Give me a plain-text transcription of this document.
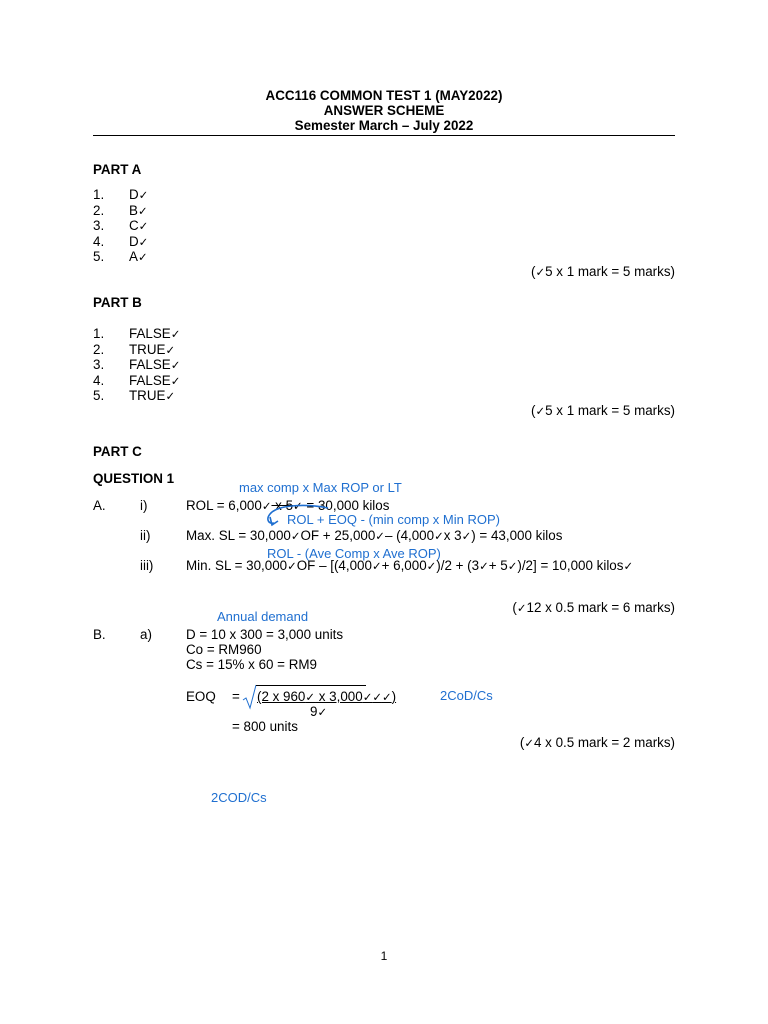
ACC116 COMMON TEST 1 (MAY2022)
ANSWER SCHEME
Semester March – July 2022
PART A
1. D✓
2. B✓
3. C✓
4. D✓
5. A✓
(✓5 x 1 mark = 5 marks)
PART B
1. FALSE✓
2. TRUE✓
3. FALSE✓
4. FALSE✓
5. TRUE✓
(✓5 x 1 mark = 5 marks)
PART C
QUESTION 1
max comp x Max ROP or LT
A.	i)	ROL = 6,000✓ x 5✓ = 30,000 kilos
ROL + EOQ - (min comp x Min ROP)
ii)	Max. SL = 30,000✓OF + 25,000✓– (4,000✓x 3✓) = 43,000 kilos
ROL - (Ave Comp x Ave ROP)
iii) Min. SL = 30,000✓OF – [(4,000✓+ 6,000✓)/2 + (3✓+ 5✓)/2] = 10,000 kilos✓
(✓12 x 0.5 mark = 6 marks)
Annual demand
B.	a)	D = 10 x 300 = 3,000 units
Co = RM960
Cs = 15% x 60 = RM9
EOQ = (2 x 960✓ x 3,000✓✓✓)
9✓
2CoD/Cs
= 800 units
(✓4 x 0.5 mark = 2 marks)
2COD/Cs
1
